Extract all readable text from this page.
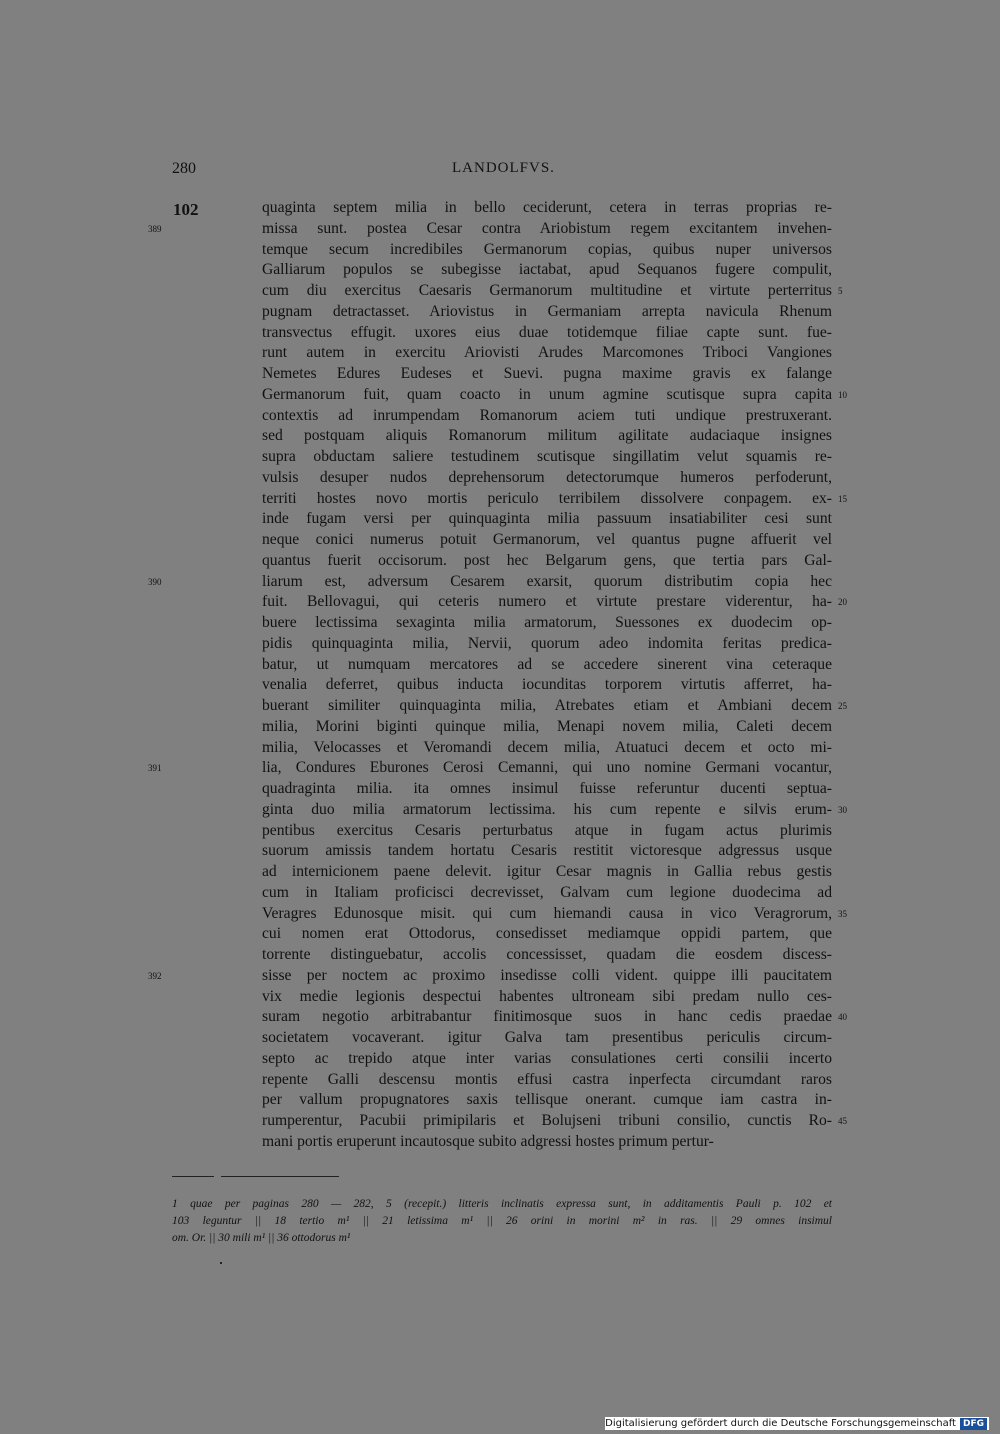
280	LANDOLFVS.
102	quaginta septem milia in bello ceciderunt, cetera in terras proprias re-
missa sunt. postea Cesar contra Ariobistum regem excitantem invehen-
temque secum incredibiles Germanorum copias, quibus nuper universos
Galliarum populos se subegisse iactabat, apud Sequanos fugere compulit,
cum diu exercitus Caesaris Germanorum multitudine et virtute perterritus
pugnam detractasset. Ariovistus in Germaniam arrepta navicula Rhenum
transvectus effugit. uxores eius duae totidemque filiae capte sunt. fue-
runt autem in exercitu Ariovisti Arudes Marcomones Triboci Vangiones
Nemetes Edures Eudeses et Suevi. pugna maxime gravis ex falange
Germanorum fuit, quam coacto in unum agmine scutisque supra capita
contextis ad inrumpendam Romanorum aciem tuti undique prestruxerant.
sed postquam aliquis Romanorum militum agilitate audaciaque insignes
supra obductam saliere testudinem scutisque singillatim velut squamis re-
vulsis desuper nudos deprehensorum detectorumque humeros perfoderunt,
territi hostes novo mortis periculo terribilem dissolvere conpagem. ex-
inde fugam versi per quinquaginta milia passuum insatiabiliter cesi sunt
neque conici numerus potuit Germanorum, vel quantus pugne affuerit vel
quantus fuerit occisorum. post hec Belgarum gens, que tertia pars Gal-
liarum est, adversum Cesarem exarsit, quorum distributim copia hec
fuit. Bellovagui, qui ceteris numero et virtute prestare viderentur, ha-
buere lectissima sexaginta milia armatorum, Suessones ex duodecim op-
pidis quinquaginta milia, Nervii, quorum adeo indomita feritas predica-
batur, ut numquam mercatores ad se accedere sinerent vina ceteraque
venalia deferret, quibus inducta iocunditas torporem virtutis afferret, ha-
buerant similiter quinquaginta milia, Atrebates etiam et Ambiani decem
milia, Morini biginti quinque milia, Menapi novem milia, Caleti decem
milia, Velocasses et Veromandi decem milia, Atuatuci decem et octo mi-
lia, Condures Eburones Cerosi Cemanni, qui uno nomine Germani vocantur,
quadraginta milia. ita omnes insimul fuisse referuntur ducenti septua-
ginta duo milia armatorum lectissima. his cum repente e silvis erum-
pentibus exercitus Cesaris perturbatus atque in fugam actus plurimis
suorum amissis tandem hortatu Cesaris restitit victoresque adgressus usque
ad internicionem paene delevit. igitur Cesar magnis in Gallia rebus gestis
cum in Italiam proficisci decrevisset, Galvam cum legione duodecima ad
Veragres Edunosque misit. qui cum hiemandi causa in vico Veragrorum,
cui nomen erat Ottodorus, consedisset mediamque oppidi partem, que
torrente distinguebatur, accolis concessisset, quadam die eosdem discess-
sisse per noctem ac proximo insedisse colli vident. quippe illi paucitatem
vix medie legionis despectui habentes ultroneam sibi predam nullo ces-
suram negotio arbitrabantur finitimosque suos in hanc cedis praedae
societatem vocaverant. igitur Galva tam presentibus periculis circum-
septo ac trepido atque inter varias consulationes certi consilii incerto
repente Galli descensu montis effusi castra inperfecta circumdant raros
per vallum propugnatores saxis tellisque onerant. cumque iam castra in-
rumperentur, Pacubii primipilaris et Bolujseni tribuni consilio, cunctis Ro-
mani portis eruperunt incautosque subito adgressi hostes primum pertur-
5
10
15
20
25
30
35
40
45
389
390
391
392
1 quae per paginas 280 — 282, 5 (recepit.) litteris inclinatis expressa sunt, in additamentis Pauli p. 102 et
103 leguntur || 18 tertio m¹ || 21 letissima m¹ || 26 orini in morini m² in ras. || 29 omnes insimul
om. Or. || 30 mili m¹ || 36 ottodorus m¹
Digitalisierung gefördert durch die Deutsche Forschungsgemeinschaft DFG
